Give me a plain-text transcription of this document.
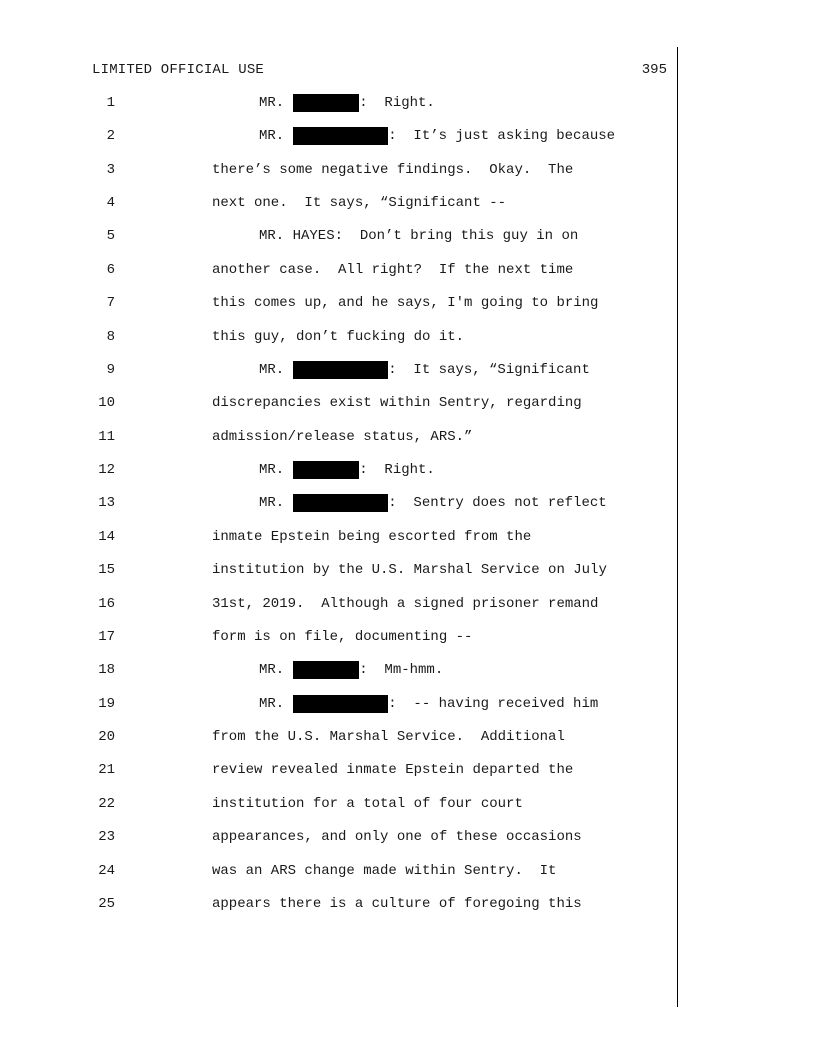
LIMITED OFFICIAL USE	395
1	MR.	:  Right.
2	MR.	:  It’s just asking because
3	there’s some negative findings.  Okay.  The
4	next one.  It says, “Significant --
5	MR. HAYES: Don’t bring this guy in on
6	another case.  All right?  If the next time
7	this comes up, and he says, I'm going to bring
8	this guy, don’t fucking do it.
9	MR.	:  It says, “Significant
10	discrepancies exist within Sentry, regarding
11	admission/release status, ARS.”
12	MR.	:  Right.
13	MR.	:  Sentry does not reflect
14	inmate Epstein being escorted from the
15	institution by the U.S. Marshal Service on July
16	31st, 2019.  Although a signed prisoner remand
17	form is on file, documenting --
18	MR.	:  Mm-hmm.
19	MR.	:  -- having received him
20	from the U.S. Marshal Service.  Additional
21	review revealed inmate Epstein departed the
22	institution for a total of four court
23	appearances, and only one of these occasions
24	was an ARS change made within Sentry.  It
25	appears there is a culture of foregoing this
